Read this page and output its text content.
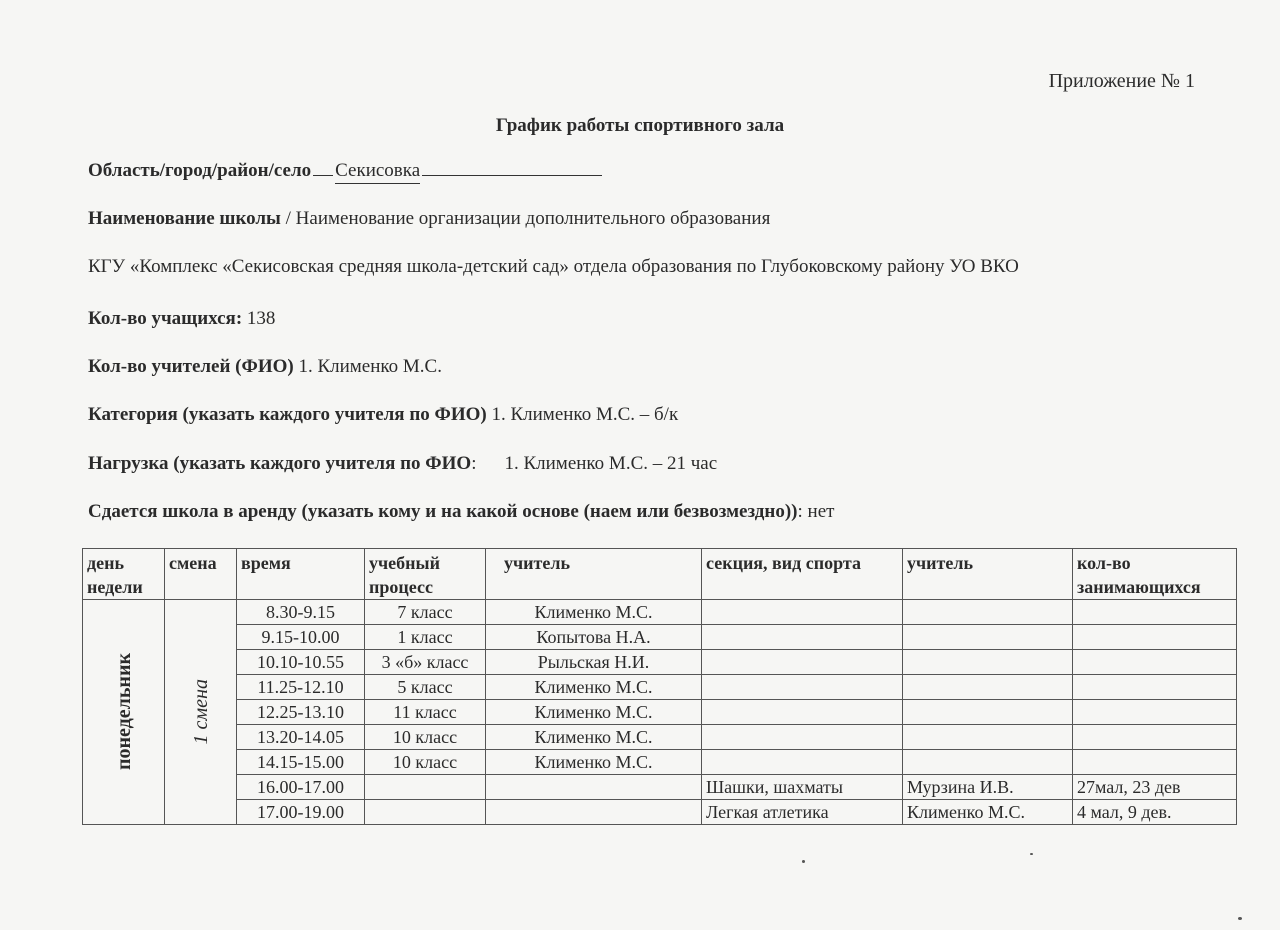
Приложение № 1
График работы спортивного зала
Область/город/район/село Секисовка
Наименование школы / Наименование организации дополнительного образования
КГУ «Комплекс «Секисовская средняя школа-детский сад» отдела образования по Глубоковскому району УО ВКО
Кол-во учащихся: 138
Кол-во учителей (ФИО) 1. Клименко М.С.
Категория (указать каждого учителя по ФИО) 1. Клименко М.С. – б/к
Нагрузка (указать каждого учителя по ФИО: 1. Клименко М.С. – 21 час
Сдается школа в аренду (указать кому и на какой основе (наем или безвозмездно)): нет
день недели	смена	время	учебный процесс	учитель	секция, вид спорта	учитель	кол-во занимающихся

понедельник	1 смена	8.30-9.15	7 класс	Клименко М.С.			
		9.15-10.00	1 класс	Копытова Н.А.			
		10.10-10.55	3 «б» класс	Рыльская Н.И.			
		11.25-12.10	5 класс	Клименко М.С.			
		12.25-13.10	11 класс	Клименко М.С.			
		13.20-14.05	10 класс	Клименко М.С.			
		14.15-15.00	10 класс	Клименко М.С.			
		16.00-17.00			Шашки, шахматы	Мурзина И.В.	27мал, 23 дев
		17.00-19.00			Легкая атлетика	Клименко М.С.	4 мал, 9 дев.
